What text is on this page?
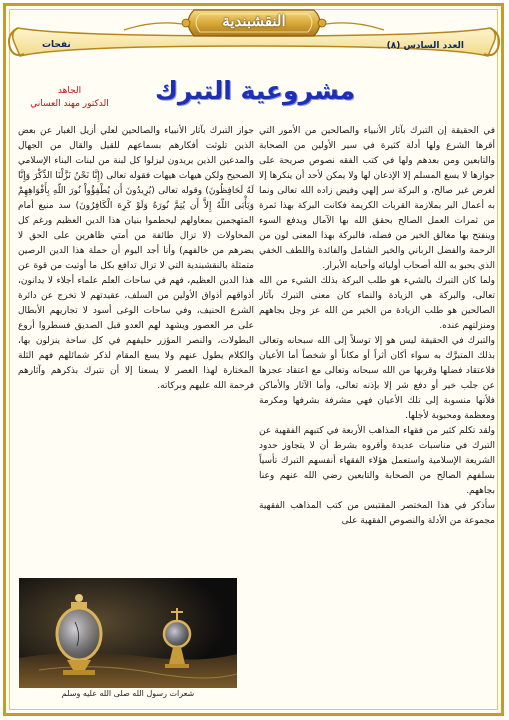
النقشبندية
العدد السادس (٨)
نفحات
مشروعية التبرك
الجاهد
الدكتور مهند العساني

في الحقيقة إن التبرك بآثار الأنبياء والصالحين من الأمور التي أقرها الشرع ولها أدلة كثيرة في سير الأولين من الصحابة والتابعين ومن بعدهم ولها في كتب الفقه نصوص صريحة على جوازها لا يسع المسلم إلا الإذعان لها ولا يمكن لأحد أن ينكرها إلا لغرض غير صالح، و البركة سر إلهي وفيض زاده الله تعالى ونما به أعمال البر بملازمة القربات الكريمة فكانت البركة بهذا ثمرة من ثمرات العمل الصالح بحقق الله بها الآمال ويدفع السوء وينفتح بها مغالق الخير من فضله، فالبركة بهذا المعنى لون من الرحمة والفضل الرباني والخير الشامل والفائدة واللطف الخفي الذي يحبو به الله أصحاب أوليائه وأحبابه الأبرار.

ولما كان التبرك بالشيء هو طلب البركة بذلك الشيء من الله تعالى، والبركة هي الزيادة والنماء كان معنى التبرك بآثار الصالحين هو طلب الزيادة من الخير من الله عز وجل بجاههم ومنزلتهم عنده.

والتبرك في الحقيقة ليس هو إلا توسلاً إلى الله سبحانه وتعالى بذلك المتبرَّك به سواء أكان أثراً أو مكاناً أو شخصاً أما الأعيان فلاعتقاد فضلها وقربها من الله سبحانه وتعالى مع اعتقاد عجزها عن جلب خير أو دفع شر إلا بإذنه تعالى، وأما الآثار والأماكن فلأنها منسوبة إلى تلك الأعيان فهي مشرفة بشرفها ومكرمة ومعظمة ومحبوبة لأجلها.

ولقد تكلم كثير من فقهاء المذاهب الأربعة في كتبهم الفقهية عن التبرك في مناسبات عديدة وأقروه بشرط أن لا يتجاوز حدود الشريعة الإسلامية واستعمل هؤلاء الفقهاء أنفسهم التبرك تأسياً بسلفهم الصالح من الصحابة والتابعين رضي الله عنهم وعنا بجاههم.

سأذكر في هذا المختصر المقتبس من كتب المذاهب الفقهية مجموعة من الأدلة والنصوص الفقهية على

جواز التبرك بآثار الأنبياء والصالحين لعلي أزيل الغبار عن بعض الذين تلوثت أفكارهم بسماعهم للقيل والقال من الجهال والمدعين الذين يريدون ليزلوا كل لبنة من لبنات البناء الإسلامي الصحيح ولكن هيهات هيهات فقوله تعالى (إِنَّا نَحْنُ نَزَّلْنَا الذِّكْرَ وَإِنَّا لَهُ لَحَافِظُونَ) وقوله تعالى (يُرِيدُونَ أَن يُطْفِؤُواْ نُورَ اللّهِ بِأَفْوَاهِهِمْ وَيَأْبَى اللّهُ إِلاَّ أَن يُتِمَّ نُورَهُ وَلَوْ كَرِهَ الْكَافِرُونَ) سد منيع أمام المتهجمين بمعاولهم ليحطموا بنيان هذا الدين العظيم ورغم كل المحاولات (لا تزال طائفة من أمتي ظاهرين على الحق لا يضرهم من خالفهم) وأنا أجد اليوم أن حملة هذا الدين الرصين متمثلة بالنقشبندية التي لا تزال تدافع بكل ما أوتيت من قوة عن هذا الدين العظيم، فهم في ساحات العلم علماء أجلاء لا يدانون، أذواقهم أذواق الأولين من السلف، عقيدتهم لا تخرج عن دائرة الشرع الحنيف، وفي ساحات الوغى أسود لا تجاريهم الأبطال على مر العصور ويشهد لهم العدو قبل الصديق فسطروا أروع البطولات، والنصر المؤزر حليفهم في كل ساحة ينزلون بها، والكلام يطول عنهم ولا يسع المقام لذكر شمائلهم فهم الثلة المختارة لهذا العصر لا يسعنا إلا أن نتبرك بذكرهم وآثارهم فرحمة الله عليهم وبركاته.

شعرات رسول الله صلى الله عليه وسلم
